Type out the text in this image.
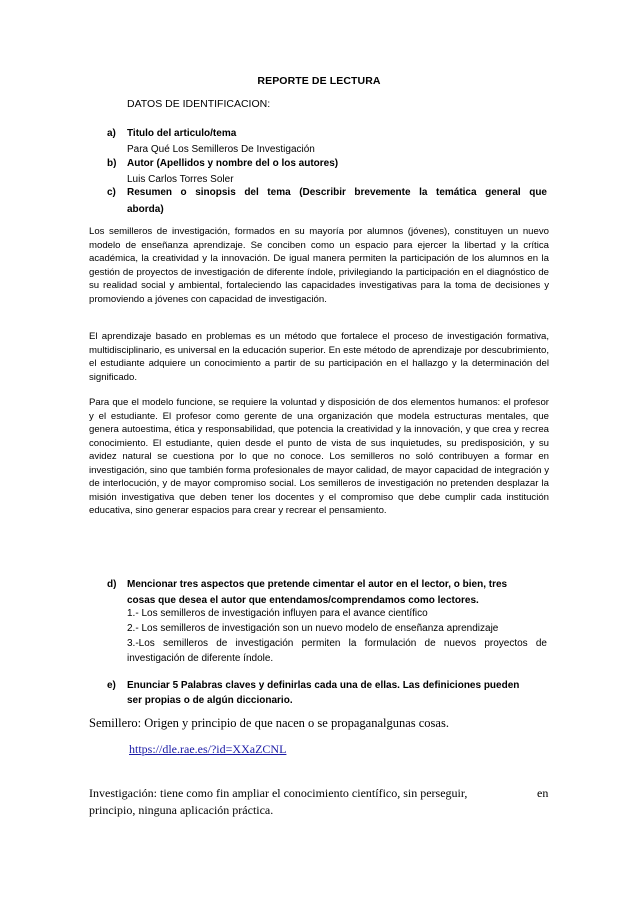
REPORTE DE LECTURA
DATOS DE IDENTIFICACION:
a) Titulo del articulo/tema
Para Qué Los Semilleros De Investigación
b) Autor (Apellidos y nombre del o los autores)
Luis Carlos Torres Soler
c) Resumen o sinopsis del tema (Describir brevemente la temática general que
aborda)

Los semilleros de investigación, formados en su mayoría por alumnos (jóvenes), constituyen un nuevo modelo de enseñanza aprendizaje. Se conciben como un espacio para ejercer la libertad y la crítica académica, la creatividad y la innovación. De igual manera permiten la participación de los alumnos en la gestión de proyectos de investigación de diferente índole, privilegiando la participación en el diagnóstico de su realidad social y ambiental, fortaleciendo las capacidades investigativas para la toma de decisiones y promoviendo a jóvenes con capacidad de investigación.

El aprendizaje basado en problemas es un método que fortalece el proceso de investigación formativa, multidisciplinario, es universal en la educación superior. En este método de aprendizaje por descubrimiento, el estudiante adquiere un conocimiento a partir de su participación en el hallazgo y la determinación del significado.

Para que el modelo funcione, se requiere la voluntad y disposición de dos elementos humanos: el profesor y el estudiante. El profesor como gerente de una organización que modela estructuras mentales, que genera autoestima, ética y responsabilidad, que potencia la creatividad y la innovación, y que crea y recrea conocimiento. El estudiante, quien desde el punto de vista de sus inquietudes, su predisposición, y su avidez natural se cuestiona por lo que no conoce. Los semilleros no soló contribuyen a formar en investigación, sino que también forma profesionales de mayor calidad, de mayor capacidad de integración y de interlocución, y de mayor compromiso social. Los semilleros de investigación no pretenden desplazar la misión investigativa que deben tener los docentes y el compromiso que debe cumplir cada institución educativa, sino generar espacios para crear y recrear el pensamiento.

d) Mencionar tres aspectos que pretende cimentar el autor en el lector, o bien, tres
cosas que desea el autor que entendamos/comprendamos como lectores.
1.- Los semilleros de investigación influyen para el avance científico
2.- Los semilleros de investigación son un nuevo modelo de enseñanza aprendizaje
3.-Los semilleros de investigación permiten la formulación de nuevos proyectos de
investigación de diferente índole.
e) Enunciar 5 Palabras claves y definirlas cada una de ellas. Las definiciones pueden
ser propias o de algún diccionario.
Semillero: Origen y principio de que nacen o se propaganalgunas cosas.
https://dle.rae.es/?id=XXaZCNL
Investigación: tiene como fin ampliar el conocimiento científico, sin perseguir,	en
principio, ninguna aplicación práctica.
